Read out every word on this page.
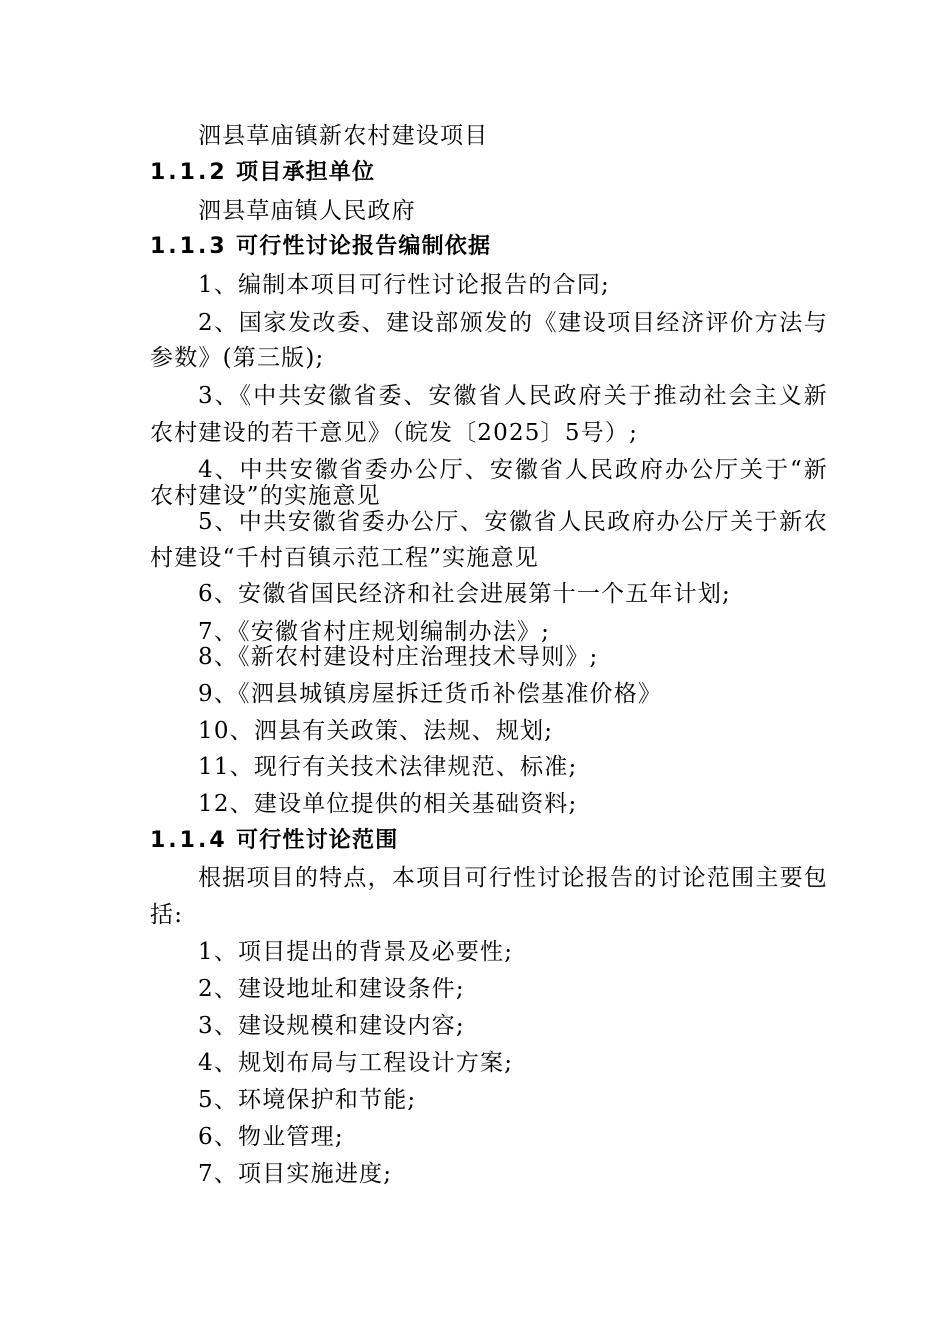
泗县草庙镇新农村建设项目
1.1.2 项目承担单位
泗县草庙镇人民政府
1.1.3 可行性讨论报告编制依据
1、编制本项目可行性讨论报告的合同;
2、国家发改委、建设部颁发的《建设项目经济评价方法与
参数》(第三版);
3、《中共安徽省委、安徽省人民政府关于推动社会主义新
农村建设的若干意见》（皖发〔2025〕5号）;
4、中共安徽省委办公厅、安徽省人民政府办公厅关于“新
农村建设”的实施意见
5、中共安徽省委办公厅、安徽省人民政府办公厅关于新农
村建设“千村百镇示范工程”实施意见
6、安徽省国民经济和社会进展第十一个五年计划;
7、《安徽省村庄规划编制办法》;
8、《新农村建设村庄治理技术导则》;
9、《泗县城镇房屋拆迁货币补偿基准价格》
10、泗县有关政策、法规、规划;
11、现行有关技术法律规范、标准;
12、建设单位提供的相关基础资料;
1.1.4 可行性讨论范围
根据项目的特点，本项目可行性讨论报告的讨论范围主要包
括:
1、项目提出的背景及必要性;
2、建设地址和建设条件;
3、建设规模和建设内容;
4、规划布局与工程设计方案;
5、环境保护和节能;
6、物业管理;
7、项目实施进度;
